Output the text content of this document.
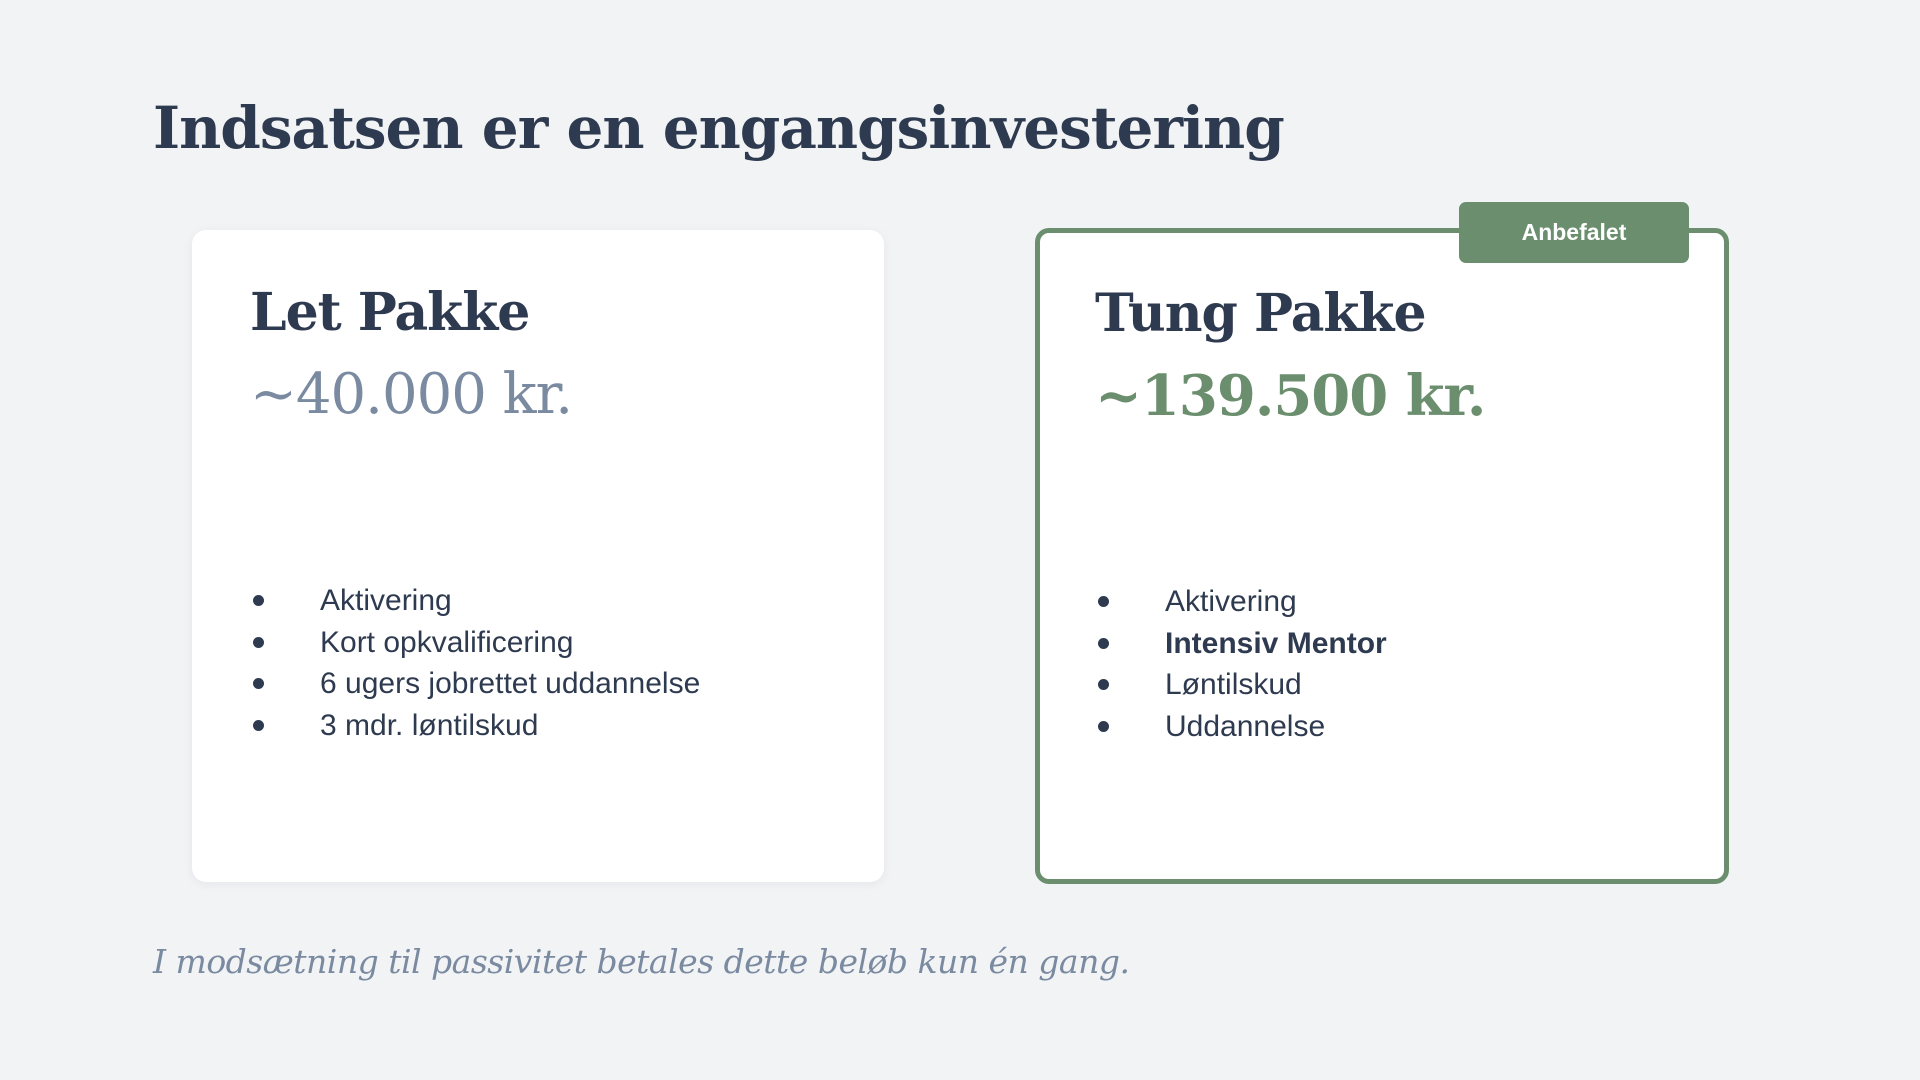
Indsatsen er en engangsinvestering
Let Pakke
~40.000 kr.
Aktivering
Kort opkvalificering
6 ugers jobrettet uddannelse
3 mdr. løntilskud
Tung Pakke
~139.500 kr.
Aktivering
Intensiv Mentor
Løntilskud
Uddannelse
Anbefalet

I modsætning til passivitet betales dette beløb kun én gang.
